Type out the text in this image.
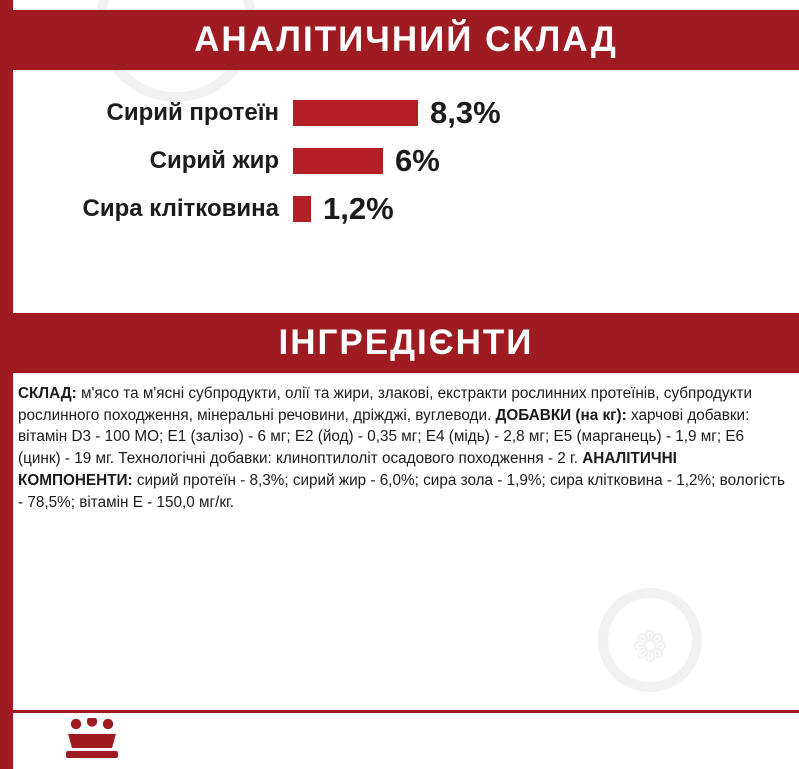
❁
АНАЛІТИЧНИЙ СКЛАД
Сирий протеїн	8,3%
Сирий жир	6%
Сира клітковина	1,2%
ІНГРЕДІЄНТИ
СКЛАД: м'ясо та м'ясні субпродукти, олії та жири, злакові, екстракти рослинних протеїнів, субпродукти рослинного походження, мінеральні речовини, дріжджі, вуглеводи. ДОБАВКИ (на кг): харчові добавки: вітамін D3 - 100 МО; Е1 (залізо) - 6 мг; Е2 (йод) - 0,35 мг; Е4 (мідь) - 2,8 мг; Е5 (марганець) - 1,9 мг; Е6 (цинк) - 19 мг. Технологічні добавки: клиноптилоліт осадового походження - 2 г. АНАЛІТИЧНІ КОМПОНЕНТИ: сирий протеїн - 8,3%; сирий жир - 6,0%; сира зола - 1,9%; сира клітковина - 1,2%; вологість - 78,5%; вітамін Е - 150,0 мг/кг.
